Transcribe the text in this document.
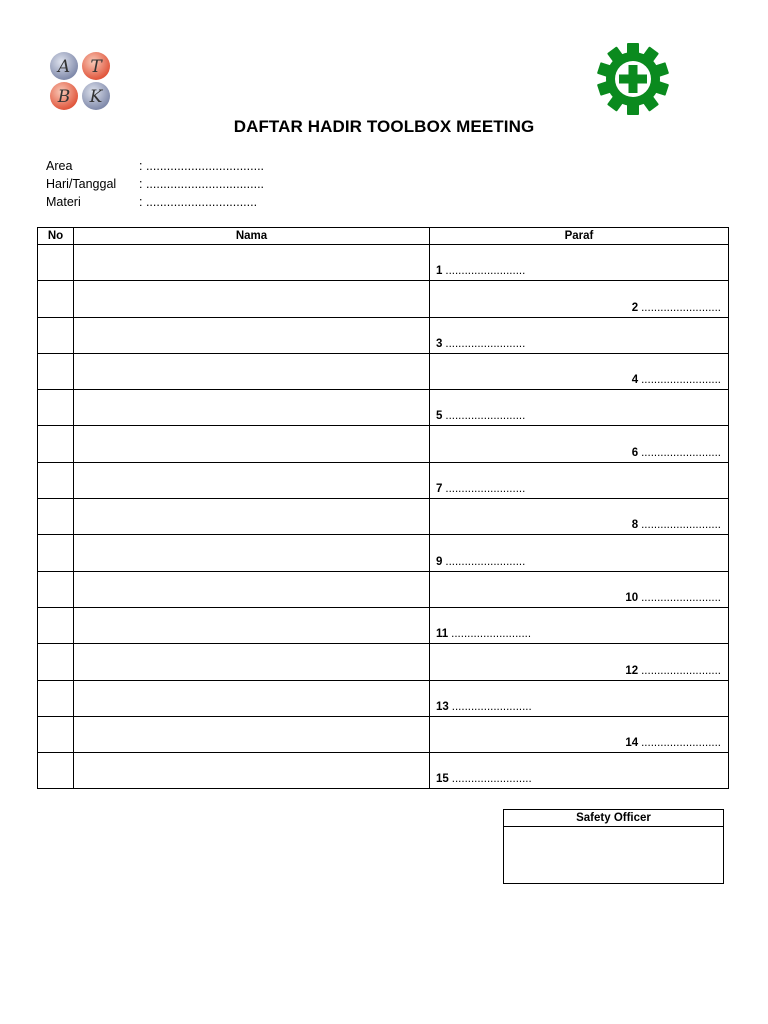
A T
B K
DAFTAR HADIR TOOLBOX MEETING
Area	: ..................................
Hari/Tanggal : ..................................
Materi	: ................................
No	Nama	Paraf
		1 .........................
		2 .........................
		3 .........................
		4 .........................
		5 .........................
		6 .........................
		7 .........................
		8 .........................
		9 .........................
		10 .........................
		11 .........................
		12 .........................
		13 .........................
		14 .........................
		15 .........................
Safety Officer
